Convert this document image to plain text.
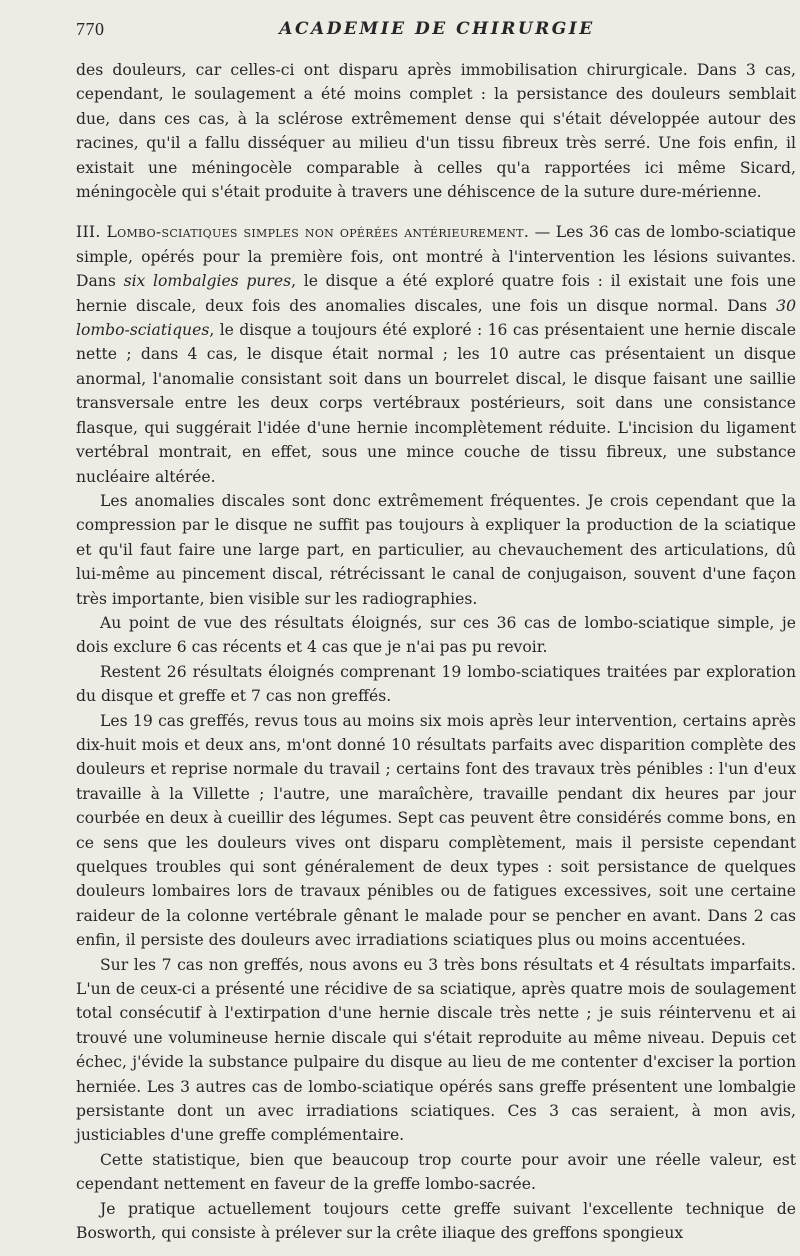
770	ACADEMIE DE CHIRURGIE

des douleurs, car celles-ci ont disparu après immobilisation chirurgicale. Dans 3 cas, cependant, le soulagement a été moins complet : la persistance des douleurs semblait due, dans ces cas, à la sclérose extrêmement dense qui s'était développée autour des racines, qu'il a fallu disséquer au milieu d'un tissu fibreux très serré. Une fois enfin, il existait une méningocèle comparable à celles qu'a rapportées ici même Sicard, méningocèle qui s'était produite à travers une déhiscence de la suture dure-mérienne.

III. Lombo-sciatiques simples non opérées antérieurement. — Les 36 cas de lombo-sciatique simple, opérés pour la première fois, ont montré à l'intervention les lésions suivantes. Dans six lombalgies pures, le disque a été exploré quatre fois : il existait une fois une hernie discale, deux fois des anomalies discales, une fois un disque normal. Dans 30 lombo-sciatiques, le disque a toujours été exploré : 16 cas présentaient une hernie discale nette ; dans 4 cas, le disque était normal ; les 10 autre cas présentaient un disque anormal, l'anomalie consistant soit dans un bourrelet discal, le disque faisant une saillie transversale entre les deux corps vertébraux postérieurs, soit dans une consistance flasque, qui suggérait l'idée d'une hernie incomplètement réduite. L'incision du ligament vertébral montrait, en effet, sous une mince couche de tissu fibreux, une substance nucléaire altérée.

Les anomalies discales sont donc extrêmement fréquentes. Je crois cependant que la compression par le disque ne suffit pas toujours à expliquer la production de la sciatique et qu'il faut faire une large part, en particulier, au chevauchement des articulations, dû lui-même au pincement discal, rétrécissant le canal de conjugaison, souvent d'une façon très importante, bien visible sur les radiographies.

Au point de vue des résultats éloignés, sur ces 36 cas de lombo-sciatique simple, je dois exclure 6 cas récents et 4 cas que je n'ai pas pu revoir.

Restent 26 résultats éloignés comprenant 19 lombo-sciatiques traitées par exploration du disque et greffe et 7 cas non greffés.

Les 19 cas greffés, revus tous au moins six mois après leur intervention, certains après dix-huit mois et deux ans, m'ont donné 10 résultats parfaits avec disparition complète des douleurs et reprise normale du travail ; certains font des travaux très pénibles : l'un d'eux travaille à la Villette ; l'autre, une maraîchère, travaille pendant dix heures par jour courbée en deux à cueillir des légumes. Sept cas peuvent être considérés comme bons, en ce sens que les douleurs vives ont disparu complètement, mais il persiste cependant quelques troubles qui sont généralement de deux types : soit persistance de quelques douleurs lombaires lors de travaux pénibles ou de fatigues excessives, soit une certaine raideur de la colonne vertébrale gênant le malade pour se pencher en avant. Dans 2 cas enfin, il persiste des douleurs avec irradiations sciatiques plus ou moins accentuées.

Sur les 7 cas non greffés, nous avons eu 3 très bons résultats et 4 résultats imparfaits. L'un de ceux-ci a présenté une récidive de sa sciatique, après quatre mois de soulagement total consécutif à l'extirpation d'une hernie discale très nette ; je suis réintervenu et ai trouvé une volumineuse hernie discale qui s'était reproduite au même niveau. Depuis cet échec, j'évide la substance pulpaire du disque au lieu de me contenter d'exciser la portion herniée. Les 3 autres cas de lombo-sciatique opérés sans greffe présentent une lombalgie persistante dont un avec irradiations sciatiques. Ces 3 cas seraient, à mon avis, justiciables d'une greffe complémentaire.

Cette statistique, bien que beaucoup trop courte pour avoir une réelle valeur, est cependant nettement en faveur de la greffe lombo-sacrée.

Je pratique actuellement toujours cette greffe suivant l'excellente technique de Bosworth, qui consiste à prélever sur la crête iliaque des greffons spongieux
